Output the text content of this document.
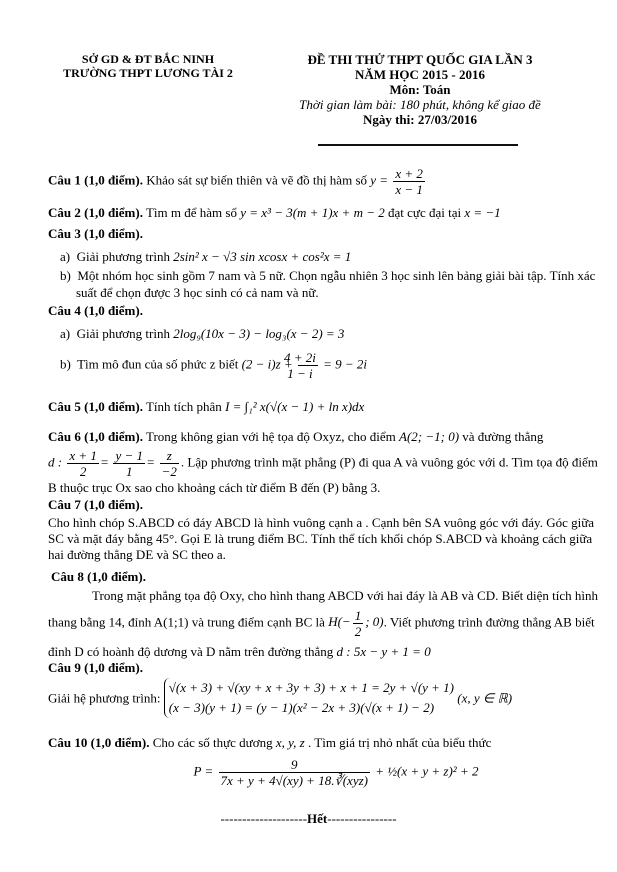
SỞ GD & ĐT BẮC NINH
TRƯỜNG THPT LƯƠNG TÀI 2
ĐỀ THI THỬ THPT QUỐC GIA LẦN 3
NĂM HỌC 2015 - 2016
Môn: Toán
Thời gian làm bài: 180 phút, không kể giao đề
Ngày thi: 27/03/2016
Câu 1 (1,0 điểm). Khảo sát sự biến thiên và vẽ đồ thị hàm số $y = \frac{x + 2}{x - 1}$
Câu 2 (1,0 điểm). Tìm m để hàm số y = x³ − 3(m + 1)x + m − 2 đạt cực đại tại x = −1
Câu 3 (1,0 điểm).
a) Giải phương trình 2sin² x − √3 sin xcosx + cos²x = 1
b) Một nhóm học sinh gồm 7 nam và 5 nữ. Chọn ngẫu nhiên 3 học sinh lên bảng giải bài tập. Tính xác suất để chọn được 3 học sinh có cả nam và nữ.
Câu 4 (1,0 điểm).
a) Giải phương trình 2log₉(10x − 3) − log₃(x − 2) = 3
b) Tìm mô đun của số phức z biết $(2 - i)z + \frac{4 + 2i}{1 - i} = 9 - 2i$
Câu 5 (1,0 điểm). Tính tích phân I = ∫₁² x(√(x − 1) + ln x)dx
Câu 6 (1,0 điểm). Trong không gian với hệ tọa độ Oxyz, cho điểm A(2; −1; 0) và đường thẳng
d : $\frac{x + 1}{2} = \frac{y - 1}{1} = \frac{z}{-2}$ . Lập phương trình mặt phẳng (P) đi qua A và vuông góc với d. Tìm tọa độ điểm B thuộc trục Ox sao cho khoảng cách từ điểm B đến (P) bằng 3.
Câu 7 (1,0 điểm).
Cho hình chóp S.ABCD có đáy ABCD là hình vuông cạnh a . Cạnh bên SA vuông góc với đáy. Góc giữa SC và mặt đáy bằng 45°. Gọi E là trung điểm BC. Tính thể tích khối chóp S.ABCD và khoảng cách giữa hai đường thẳng DE và SC theo a.
Câu 8 (1,0 điểm).
Trong mặt phẳng tọa độ Oxy, cho hình thang ABCD với hai đáy là AB và CD. Biết diện tích hình thang bằng 14, đỉnh A(1;1) và trung điểm cạnh BC là $H(- \frac{1}{2}$ ; 0). Viết phương trình đường thẳng AB biết đỉnh D có hoành độ dương và D nằm trên đường thẳng d : 5x − y + 1 = 0
Câu 9 (1,0 điểm).
Giải hệ phương trình:
√(x + 3) + √(xy + x + 3y + 3) + x + 1 = 2y + √(y + 1)
(x − 3)(y + 1) = (y − 1)(x² − 2x + 3)(√(x + 1) − 2)
(x, y ∈ ℝ)
Câu 10 (1,0 điểm). Cho các số thực dương x, y, z . Tìm giá trị nhỏ nhất của biểu thức
$P = \frac{9}{\text{7x + y + 4√(xy) + 18.∛(xyz)}}$ + ½(x + y + z)² + 2
--------------------Hết----------------
